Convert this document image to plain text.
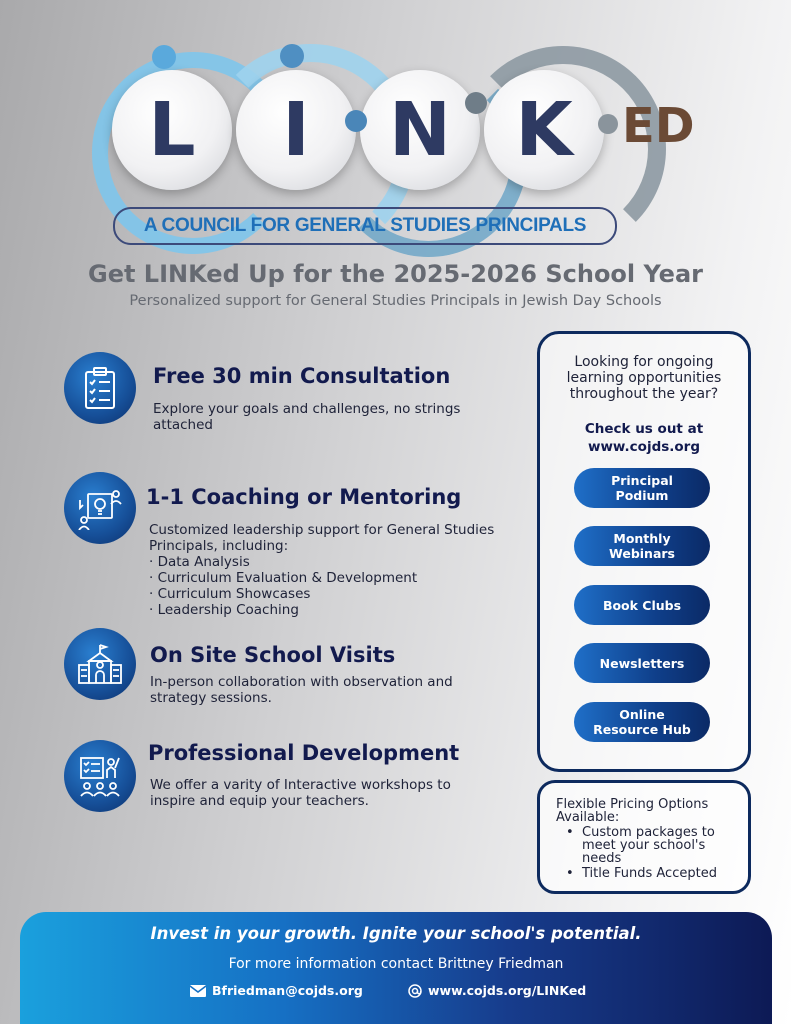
L I N K ED
A COUNCIL FOR GENERAL STUDIES PRINCIPALS
Get LINKed Up for the 2025-2026 School Year
Personalized support for General Studies Principals in Jewish Day Schools
Free 30 min Consultation
Explore your goals and challenges, no strings attached
1-1 Coaching or Mentoring
Customized leadership support for General Studies Principals, including:
· Data Analysis
· Curriculum Evaluation & Development
· Curriculum Showcases
· Leadership Coaching
On Site School Visits
In-person collaboration with observation and strategy sessions.
Professional Development
We offer a varity of Interactive workshops to inspire and equip your teachers.
Looking for ongoing learning opportunities throughout the year?
Check us out at www.cojds.org
Principal Podium
Monthly Webinars
Book Clubs
Newsletters
Online Resource Hub
Flexible Pricing Options Available:
• Custom packages to meet your school's needs
• Title Funds Accepted
Invest in your growth. Ignite your school's potential.
For more information contact Brittney Friedman
Bfriedman@cojds.org	www.cojds.org/LINKed
